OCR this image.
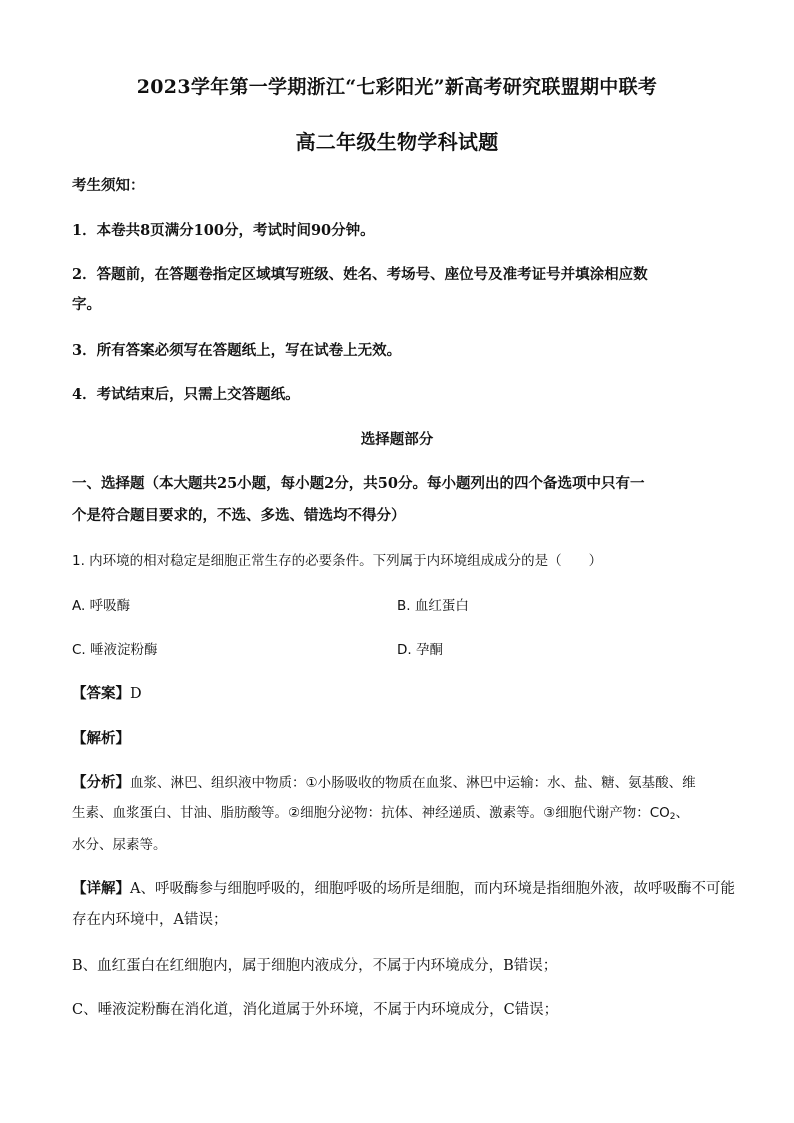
2023学年第一学期浙江“七彩阳光”新高考研究联盟期中联考
高二年级生物学科试题
考生须知：
1．本卷共8页满分100分，考试时间90分钟。
2．答题前，在答题卷指定区域填写班级、姓名、考场号、座位号及准考证号并填涂相应数
字。
3．所有答案必须写在答题纸上，写在试卷上无效。
4．考试结束后，只需上交答题纸。
选择题部分
一、选择题（本大题共25小题，每小题2分，共50分。每小题列出的四个备选项中只有一
个是符合题目要求的，不选、多选、错选均不得分）
1. 内环境的相对稳定是细胞正常生存的必要条件。下列属于内环境组成成分的是（　　）
A. 呼吸酶	B. 血红蛋白
C. 唾液淀粉酶	D. 孕酮
【答案】D
【解析】
【分析】血浆、淋巴、组织液中物质：①小肠吸收的物质在血浆、淋巴中运输：水、盐、糖、氨基酸、维
生素、血浆蛋白、甘油、脂肪酸等。②细胞分泌物：抗体、神经递质、激素等。③细胞代谢产物：$CO_2$、
水分、尿素等。
【详解】A、呼吸酶参与细胞呼吸的，细胞呼吸的场所是细胞，而内环境是指细胞外液，故呼吸酶不可能
存在内环境中，A错误；
B、血红蛋白在红细胞内，属于细胞内液成分，不属于内环境成分，B错误；
C、唾液淀粉酶在消化道，消化道属于外环境，不属于内环境成分，C错误；
